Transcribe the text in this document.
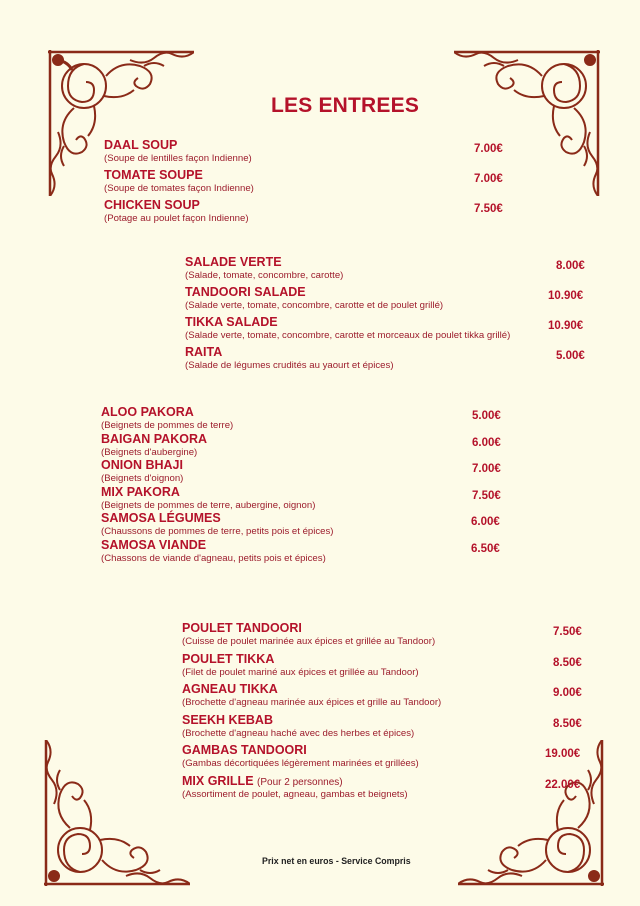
LES ENTREES
DAAL SOUP
(Soupe de lentilles façon Indienne)
7.00€
TOMATE SOUPE
(Soupe de tomates façon Indienne)
7.00€
CHICKEN SOUP
(Potage au poulet façon Indienne)
7.50€
SALADE VERTE
(Salade, tomate, concombre, carotte)
8.00€
TANDOORI SALADE
(Salade verte, tomate, concombre, carotte et de poulet grillé)
10.90€
TIKKA SALADE
(Salade verte, tomate, concombre, carotte et morceaux de poulet tikka grillé)
10.90€
RAITA
(Salade de légumes crudités au yaourt et épices)
5.00€
ALOO PAKORA
(Beignets de pommes de terre)
5.00€
BAIGAN PAKORA
(Beignets d'aubergine)
6.00€
ONION BHAJI
(Beignets d'oignon)
7.00€
MIX PAKORA
(Beignets de pommes de terre, aubergine, oignon)
7.50€
SAMOSA LÉGUMES
(Chaussons de pommes de terre, petits pois et épices)
6.00€
SAMOSA VIANDE
(Chassons de viande d'agneau, petits pois et épices)
6.50€
POULET TANDOORI
(Cuisse de poulet marinée aux épices et grillée au Tandoor)
7.50€
POULET TIKKA
(Filet de poulet mariné aux épices et grillée au Tandoor)
8.50€
AGNEAU TIKKA
(Brochette d'agneau marinée aux épices et grille au Tandoor)
9.00€
SEEKH KEBAB
(Brochette d'agneau haché avec des herbes et épices)
8.50€
GAMBAS TANDOORI
(Gambas décortiquées légèrement marinées et grillées)
19.00€
MIX GRILLE (Pour 2 personnes)
(Assortiment de poulet, agneau, gambas et beignets)
22.00€
Prix net en euros - Service Compris
